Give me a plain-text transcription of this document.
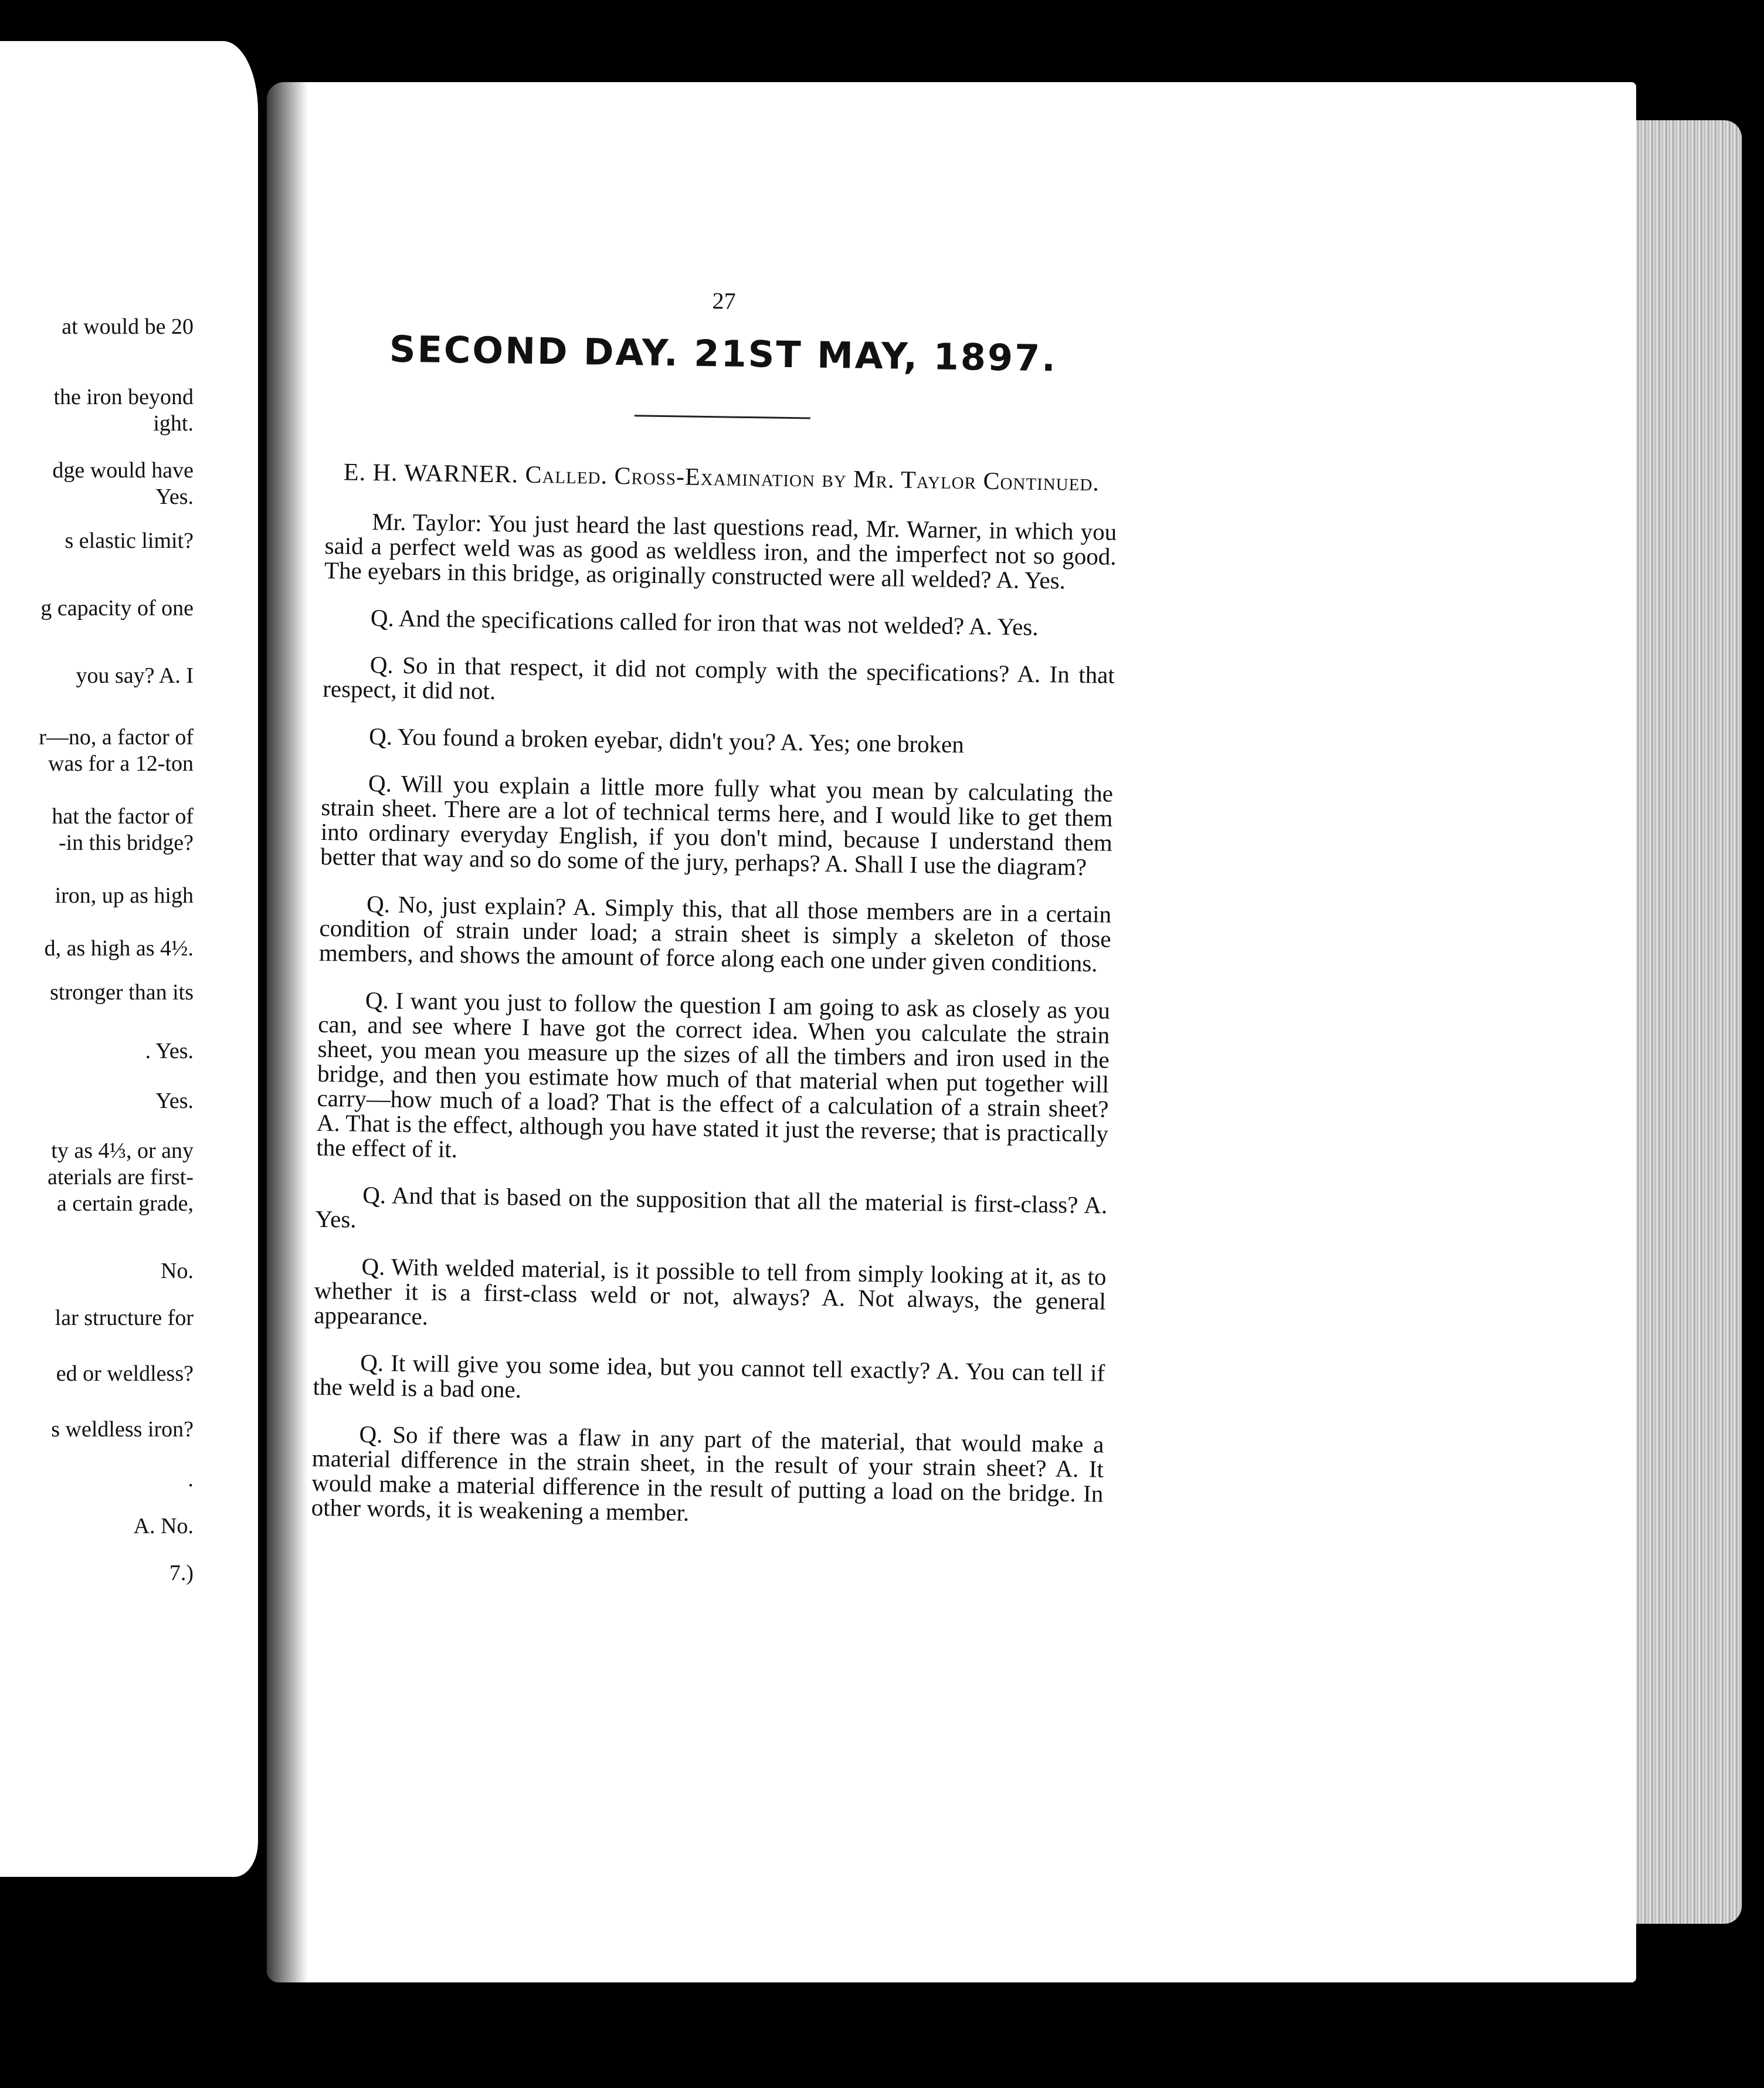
at would be 20
the iron beyond
ight.
dge would have
Yes.
s elastic limit?
g capacity of one
you say? A. I
r—no, a factor of
was for a 12-ton
hat the factor of
-in this bridge?
iron, up as high
d, as high as 4½.
stronger than its
. Yes.
Yes.
ty as 4⅓, or any
aterials are first-
a certain grade,
No.
lar structure for
ed or weldless?
s weldless iron?
.
A. No.
7.)
27
SECOND DAY. 21ST MAY, 1897.
E. H. WARNER. Called. Cross-Examination by Mr. Taylor Continued.

Mr. Taylor: You just heard the last questions read, Mr. Warner, in which you said a perfect weld was as good as weldless iron, and the imperfect not so good. The eyebars in this bridge, as originally constructed were all welded? A. Yes.

Q. And the specifications called for iron that was not welded? A. Yes.

Q. So in that respect, it did not comply with the specifications? A. In that respect, it did not.

Q. You found a broken eyebar, didn't you? A. Yes; one broken

Q. Will you explain a little more fully what you mean by calculating the strain sheet. There are a lot of technical terms here, and I would like to get them into ordinary everyday English, if you don't mind, because I understand them better that way and so do some of the jury, perhaps? A. Shall I use the diagram?

Q. No, just explain? A. Simply this, that all those members are in a certain condition of strain under load; a strain sheet is simply a skeleton of those members, and shows the amount of force along each one under given conditions.

Q. I want you just to follow the question I am going to ask as closely as you can, and see where I have got the correct idea. When you calculate the strain sheet, you mean you measure up the sizes of all the timbers and iron used in the bridge, and then you estimate how much of that material when put together will carry—how much of a load? That is the effect of a calculation of a strain sheet? A. That is the effect, although you have stated it just the reverse; that is practically the effect of it.

Q. And that is based on the supposition that all the material is first-class? A. Yes.

Q. With welded material, is it possible to tell from simply looking at it, as to whether it is a first-class weld or not, always? A. Not always, the general appearance.

Q. It will give you some idea, but you cannot tell exactly? A. You can tell if the weld is a bad one.

Q. So if there was a flaw in any part of the material, that would make a material difference in the strain sheet, in the result of your strain sheet? A. It would make a material difference in the result of putting a load on the bridge. In other words, it is weakening a member.
